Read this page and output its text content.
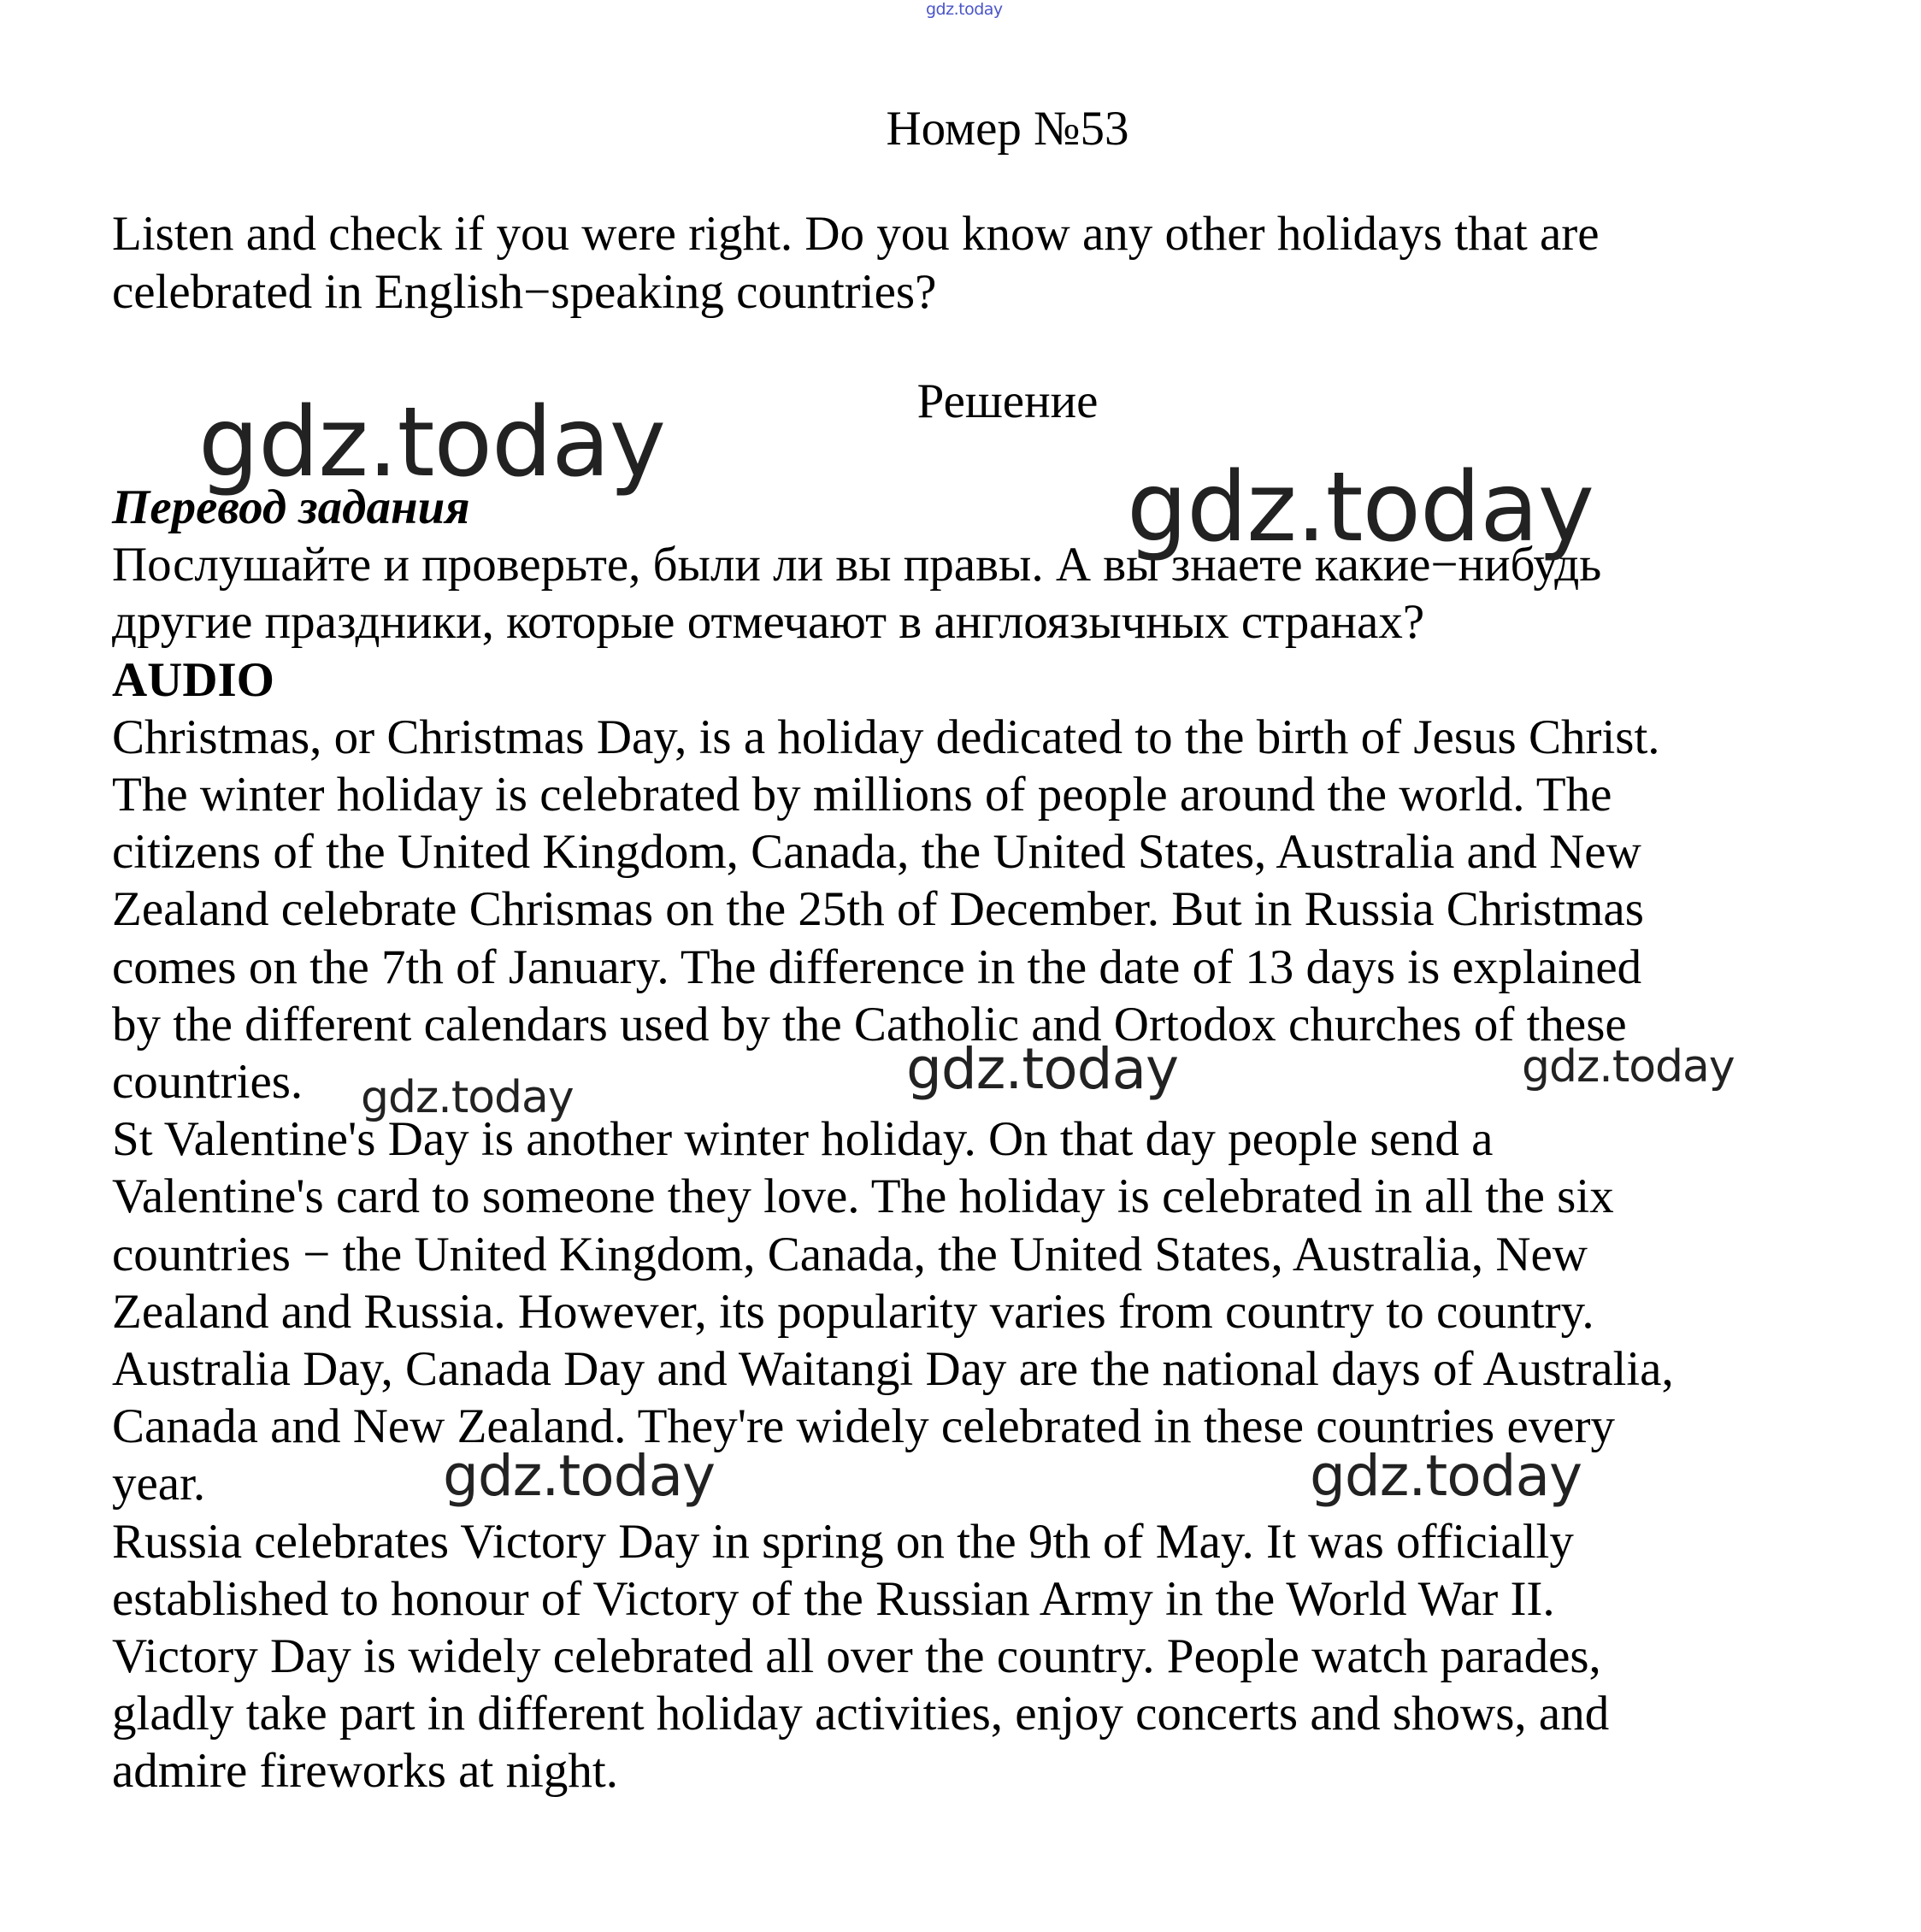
gdz.today
Номер №53
Listen and check if you were right. Do you know any other holidays that are
celebrated in English−speaking countries?
Решение
Перевод задания
Послушайте и проверьте, были ли вы правы. А вы знаете какие−нибудь
другие праздники, которые отмечают в англоязычных странах?
AUDIO
Christmas, or Christmas Day, is a holiday dedicated to the birth of Jesus Christ.
The winter holiday is celebrated by millions of people around the world. The
citizens of the United Kingdom, Canada, the United States, Australia and New
Zealand celebrate Chrismas on the 25th of December. But in Russia Christmas
comes on the 7th of January. The difference in the date of 13 days is explained
by the different calendars used by the Catholic and Ortodox churches of these
countries.
St Valentine's Day is another winter holiday. On that day people send a
Valentine's card to someone they love. The holiday is celebrated in all the six
countries − the United Kingdom, Canada, the United States, Australia, New
Zealand and Russia. However, its popularity varies from country to country.
Australia Day, Canada Day and Waitangi Day are the national days of Australia,
Canada and New Zealand. They're widely celebrated in these countries every
year.
Russia celebrates Victory Day in spring on the 9th of May. It was officially
established to honour of Victory of the Russian Army in the World War II.
Victory Day is widely celebrated all over the country. People watch parades,
gladly take part in different holiday activities, enjoy concerts and shows, and
admire fireworks at night.
gdz.today
gdz.today
gdz.today	gdz.today	gdz.today
gdz.today	gdz.today
